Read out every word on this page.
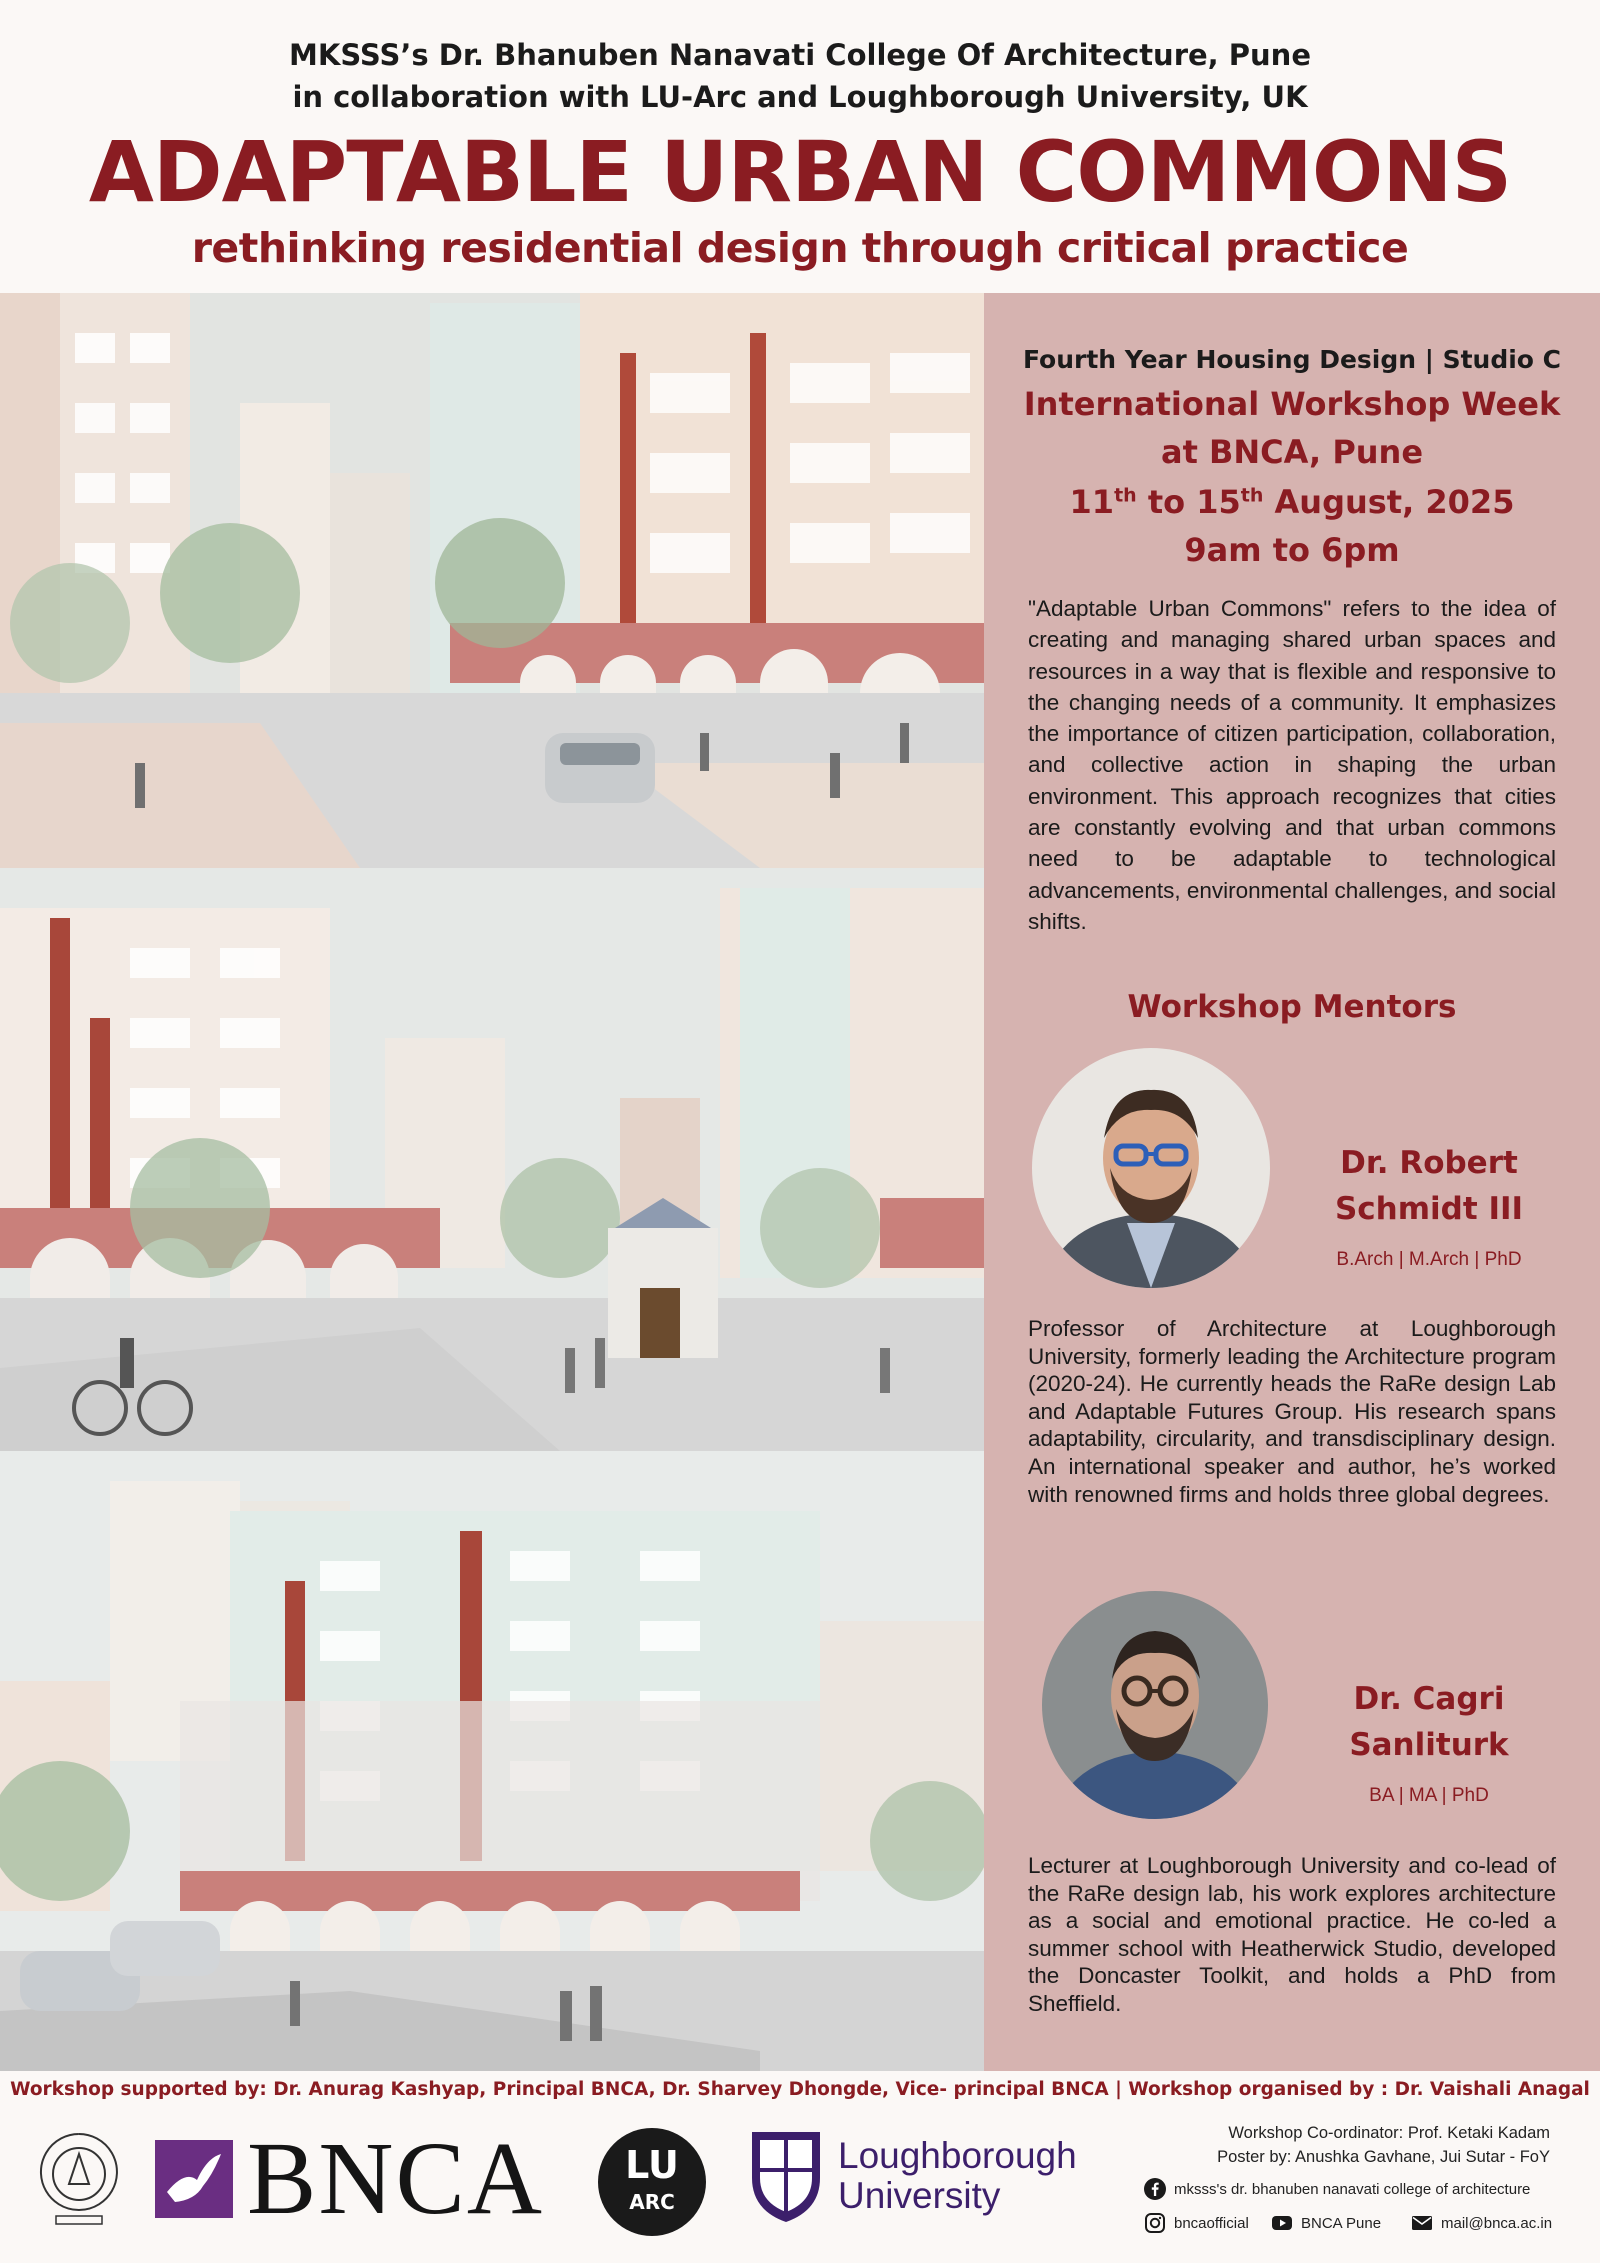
MKSSS’s Dr. Bhanuben Nanavati College Of Architecture, Pune
in collaboration with LU-Arc and Loughborough University, UK
ADAPTABLE URBAN COMMONS
rethinking residential design through critical practice
Fourth Year Housing Design | Studio C
International Workshop Week
at BNCA, Pune
11th to 15th August, 2025
9am to 6pm

"Adaptable Urban Commons" refers to the idea of creating and managing shared urban spaces and resources in a way that is flexible and responsive to the changing needs of a community. It emphasizes the importance of citizen participation, collaboration, and collective action in shaping the urban environment. This approach recognizes that cities are constantly evolving and that urban commons need to be adaptable to technological advancements, environmental challenges, and social shifts.

Workshop Mentors
Dr. Robert
Schmidt III
B.Arch | M.Arch | PhD

Professor of Architecture at Loughborough University, formerly leading the Architecture program (2020-24). He currently heads the RaRe design Lab and Adaptable Futures Group. His research spans adaptability, circularity, and transdisciplinary design. An international speaker and author, he’s worked with renowned firms and holds three global degrees.

Dr. Cagri
Sanliturk
BA | MA | PhD

Lecturer at Loughborough University and co-lead of the RaRe design lab, his work explores architecture as a social and emotional practice. He co-led a summer school with Heatherwick Studio, developed the Doncaster Toolkit, and holds a PhD from Sheffield.

Workshop supported by: Dr. Anurag Kashyap, Principal BNCA, Dr. Sharvey Dhongde, Vice- principal BNCA | Workshop organised by : Dr. Vaishali Anagal
BNCA	LU
ARC
Loughborough
University
Workshop Co-ordinator: Prof. Ketaki Kadam
Poster by: Anushka Gavhane, Jui Sutar - FoY
mksss's dr. bhanuben nanavati college of architecture
bncaofficial	BNCA Pune	mail@bnca.ac.in
